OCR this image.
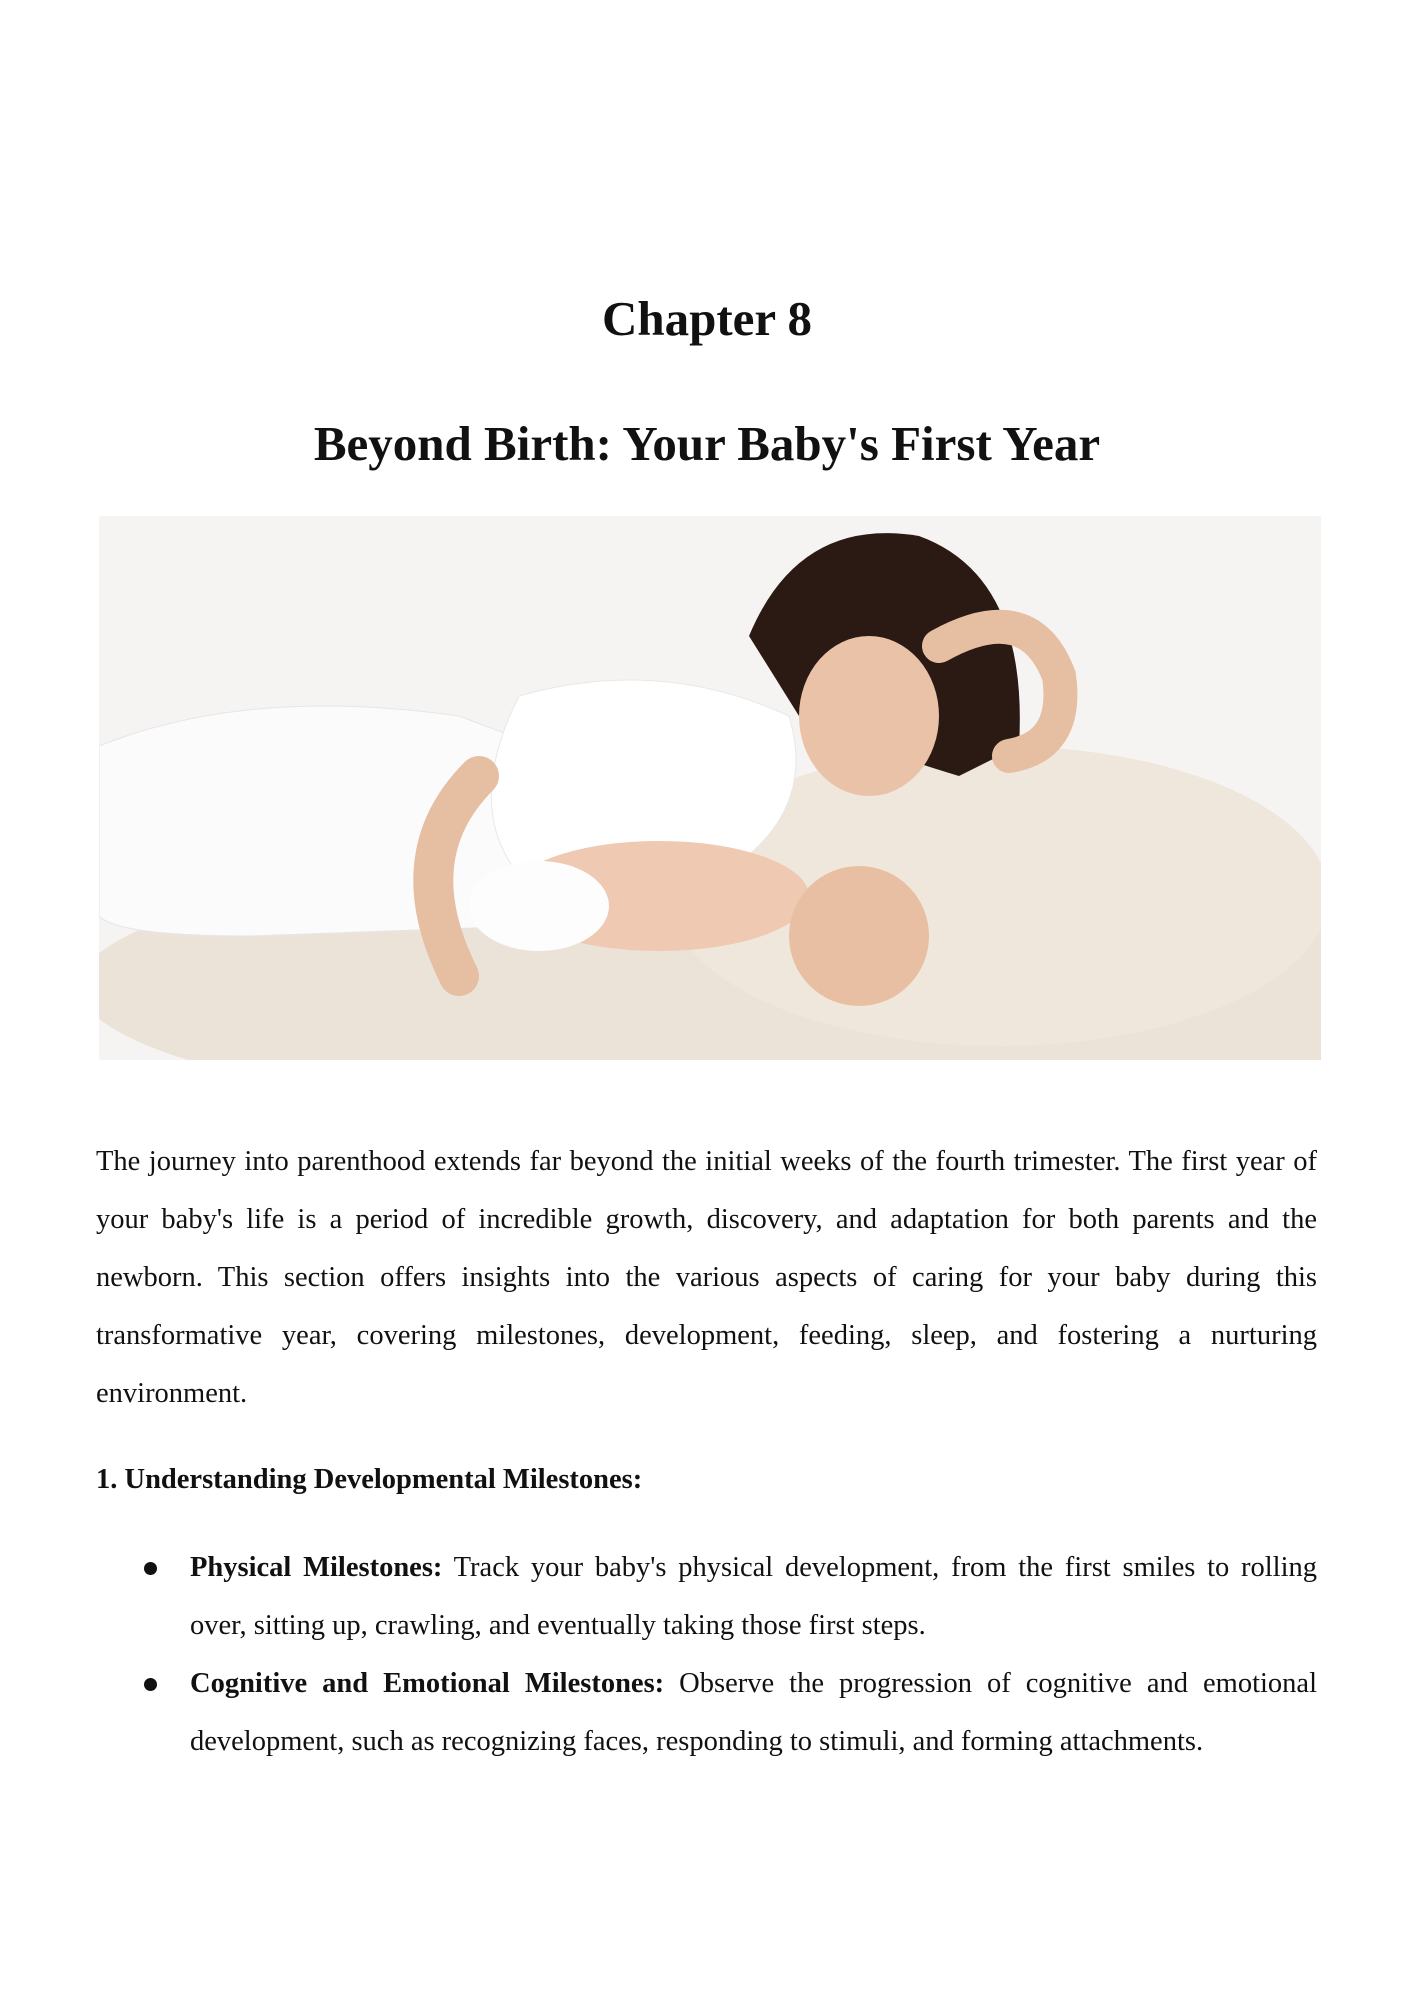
Chapter 8
Beyond Birth: Your Baby's First Year
The journey into parenthood extends far beyond the initial weeks of the fourth trimester. The first year of your baby's life is a period of incredible growth, discovery, and adaptation for both parents and the newborn. This section offers insights into the various aspects of caring for your baby during this transformative year, covering milestones, development, feeding, sleep, and fostering a nurturing environment.
1. Understanding Developmental Milestones:
Physical Milestones: Track your baby's physical development, from the first smiles to rolling over, sitting up, crawling, and eventually taking those first steps.
Cognitive and Emotional Milestones: Observe the progression of cognitive and emotional development, such as recognizing faces, responding to stimuli, and forming attachments.
